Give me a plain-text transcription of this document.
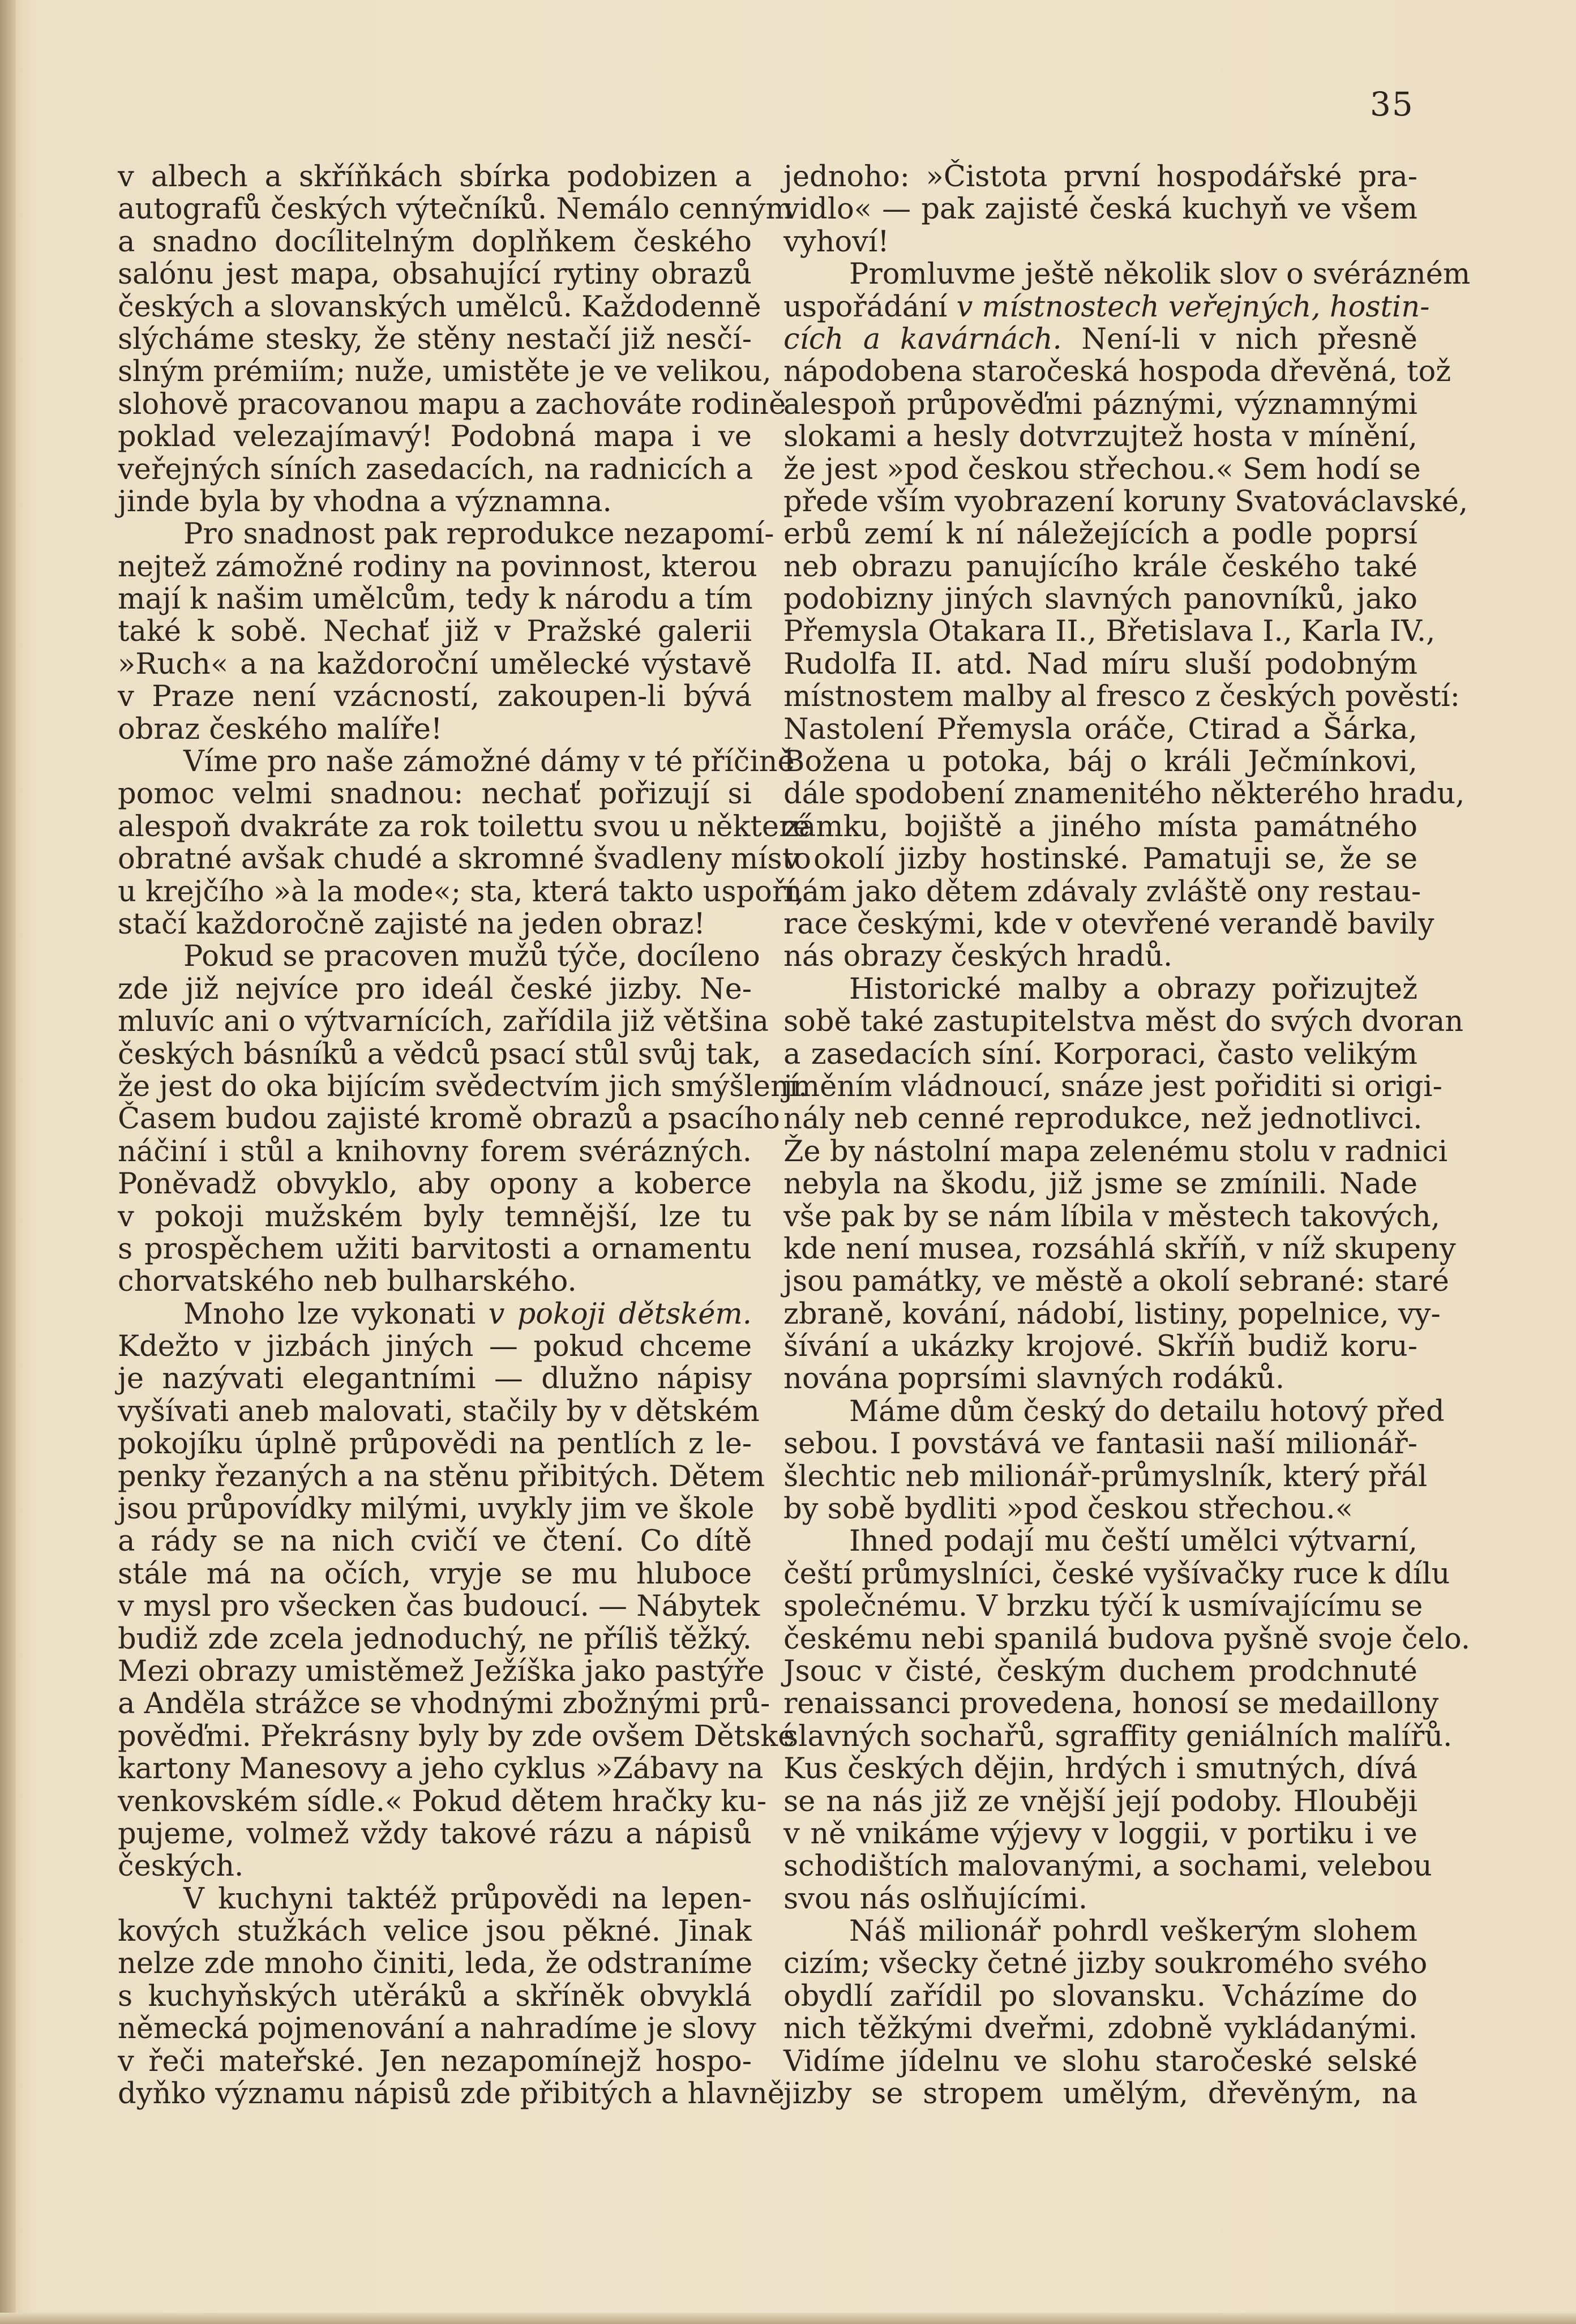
35
v albech a skříňkách sbírka podobizen a
autografů českých výtečníků. Nemálo cenným
a snadno docílitelným doplňkem českého
salónu jest mapa, obsahující rytiny obrazů
českých a slovanských umělců. Každodenně
slýcháme stesky, že stěny nestačí již nesčí-
slným prémiím; nuže, umistěte je ve velikou,
slohově pracovanou mapu a zachováte rodině
poklad velezajímavý! Podobná mapa i ve
veřejných síních zasedacích, na radnicích a
jinde byla by vhodna a významna.
Pro snadnost pak reprodukce nezapomí-
nejtež zámožné rodiny na povinnost, kterou
mají k našim umělcům, tedy k národu a tím
také k sobě. Nechať již v Pražské galerii
»Ruch« a na každoroční umělecké výstavě
v Praze není vzácností, zakoupen-li bývá
obraz českého malíře!
Víme pro naše zámožné dámy v té příčině
pomoc velmi snadnou: nechať pořizují si
alespoň dvakráte za rok toilettu svou u některé
obratné avšak chudé a skromné švadleny místo
u krejčího »à la mode«; sta, která takto uspoří,
stačí každoročně zajisté na jeden obraz!
Pokud se pracoven mužů týče, docíleno
zde již nejvíce pro ideál české jizby. Ne-
mluvíc ani o výtvarnících, zařídila již většina
českých básníků a vědců psací stůl svůj tak,
že jest do oka bijícím svědectvím jich smýšlení.
Časem budou zajisté kromě obrazů a psacího
náčiní i stůl a knihovny forem svérázných.
Poněvadž obvyklo, aby opony a koberce
v pokoji mužském byly temnější, lze tu
s prospěchem užiti barvitosti a ornamentu
chorvatského neb bulharského.
Mnoho lze vykonati v pokoji dětském.
Kdežto v jizbách jiných — pokud chceme
je nazývati elegantními — dlužno nápisy
vyšívati aneb malovati, stačily by v dětském
pokojíku úplně průpovědi na pentlích z le-
penky řezaných a na stěnu přibitých. Dětem
jsou průpovídky milými, uvykly jim ve škole
a rády se na nich cvičí ve čtení. Co dítě
stále má na očích, vryje se mu hluboce
v mysl pro všecken čas budoucí. — Nábytek
budiž zde zcela jednoduchý, ne příliš těžký.
Mezi obrazy umistěmež Ježíška jako pastýře
a Anděla strážce se vhodnými zbožnými prů-
pověďmi. Překrásny byly by zde ovšem Dětské
kartony Manesovy a jeho cyklus »Zábavy na
venkovském sídle.« Pokud dětem hračky ku-
pujeme, volmež vždy takové rázu a nápisů
českých.
V kuchyni taktéž průpovědi na lepen-
kových stužkách velice jsou pěkné. Jinak
nelze zde mnoho činiti, leda, že odstraníme
s kuchyňských utěráků a skříněk obvyklá
německá pojmenování a nahradíme je slovy
v řeči mateřské. Jen nezapomínejž hospo-
dyňko významu nápisů zde přibitých a hlavně
jednoho: »Čistota první hospodářské pra-
vidlo« — pak zajisté česká kuchyň ve všem
vyhoví!
Promluvme ještě několik slov o svérázném
uspořádání v místnostech veřejných, hostin-
cích a kavárnách. Není-li v nich přesně
nápodobena staročeská hospoda dřevěná, tož
alespoň průpověďmi páznými, významnými
slokami a hesly dotvrzujtež hosta v mínění,
že jest »pod českou střechou.« Sem hodí se
přede vším vyobrazení koruny Svatováclavské,
erbů zemí k ní náležejících a podle poprsí
neb obrazu panujícího krále českého také
podobizny jiných slavných panovníků, jako
Přemysla Otakara II., Břetislava I., Karla IV.,
Rudolfa II. atd. Nad míru sluší podobným
místnostem malby al fresco z českých pověstí:
Nastolení Přemysla oráče, Ctirad a Šárka,
Božena u potoka, báj o králi Ječmínkovi,
dále spodobení znamenitého některého hradu,
zámku, bojiště a jiného místa památného
v okolí jizby hostinské. Pamatuji se, že se
nám jako dětem zdávaly zvláště ony restau-
race českými, kde v otevřené verandě bavily
nás obrazy českých hradů.
Historické malby a obrazy pořizujtež
sobě také zastupitelstva měst do svých dvoran
a zasedacích síní. Korporaci, často velikým
jměním vládnoucí, snáze jest pořiditi si origi-
nály neb cenné reprodukce, než jednotlivci.
Že by nástolní mapa zelenému stolu v radnici
nebyla na škodu, již jsme se zmínili. Nade
vše pak by se nám líbila v městech takových,
kde není musea, rozsáhlá skříň, v níž skupeny
jsou památky, ve městě a okolí sebrané: staré
zbraně, kování, nádobí, listiny, popelnice, vy-
šívání a ukázky krojové. Skříň budiž koru-
nována poprsími slavných rodáků.
Máme dům český do detailu hotový před
sebou. I povstává ve fantasii naší milionář-
šlechtic neb milionář-průmyslník, který přál
by sobě bydliti »pod českou střechou.«
Ihned podají mu čeští umělci výtvarní,
čeští průmyslníci, české vyšívačky ruce k dílu
společnému. V brzku týčí k usmívajícímu se
českému nebi spanilá budova pyšně svoje čelo.
Jsouc v čisté, českým duchem prodchnuté
renaissanci provedena, honosí se medaillony
slavných sochařů, sgraffity geniálních malířů.
Kus českých dějin, hrdých i smutných, dívá
se na nás již ze vnější její podoby. Hlouběji
v ně vnikáme výjevy v loggii, v portiku i ve
schodištích malovanými, a sochami, velebou
svou nás oslňujícími.
Náš milionář pohrdl veškerým slohem
cizím; všecky četné jizby soukromého svého
obydlí zařídil po slovansku. Vcházíme do
nich těžkými dveřmi, zdobně vykládanými.
Vidíme jídelnu ve slohu staročeské selské
jizby se stropem umělým, dřevěným, na
